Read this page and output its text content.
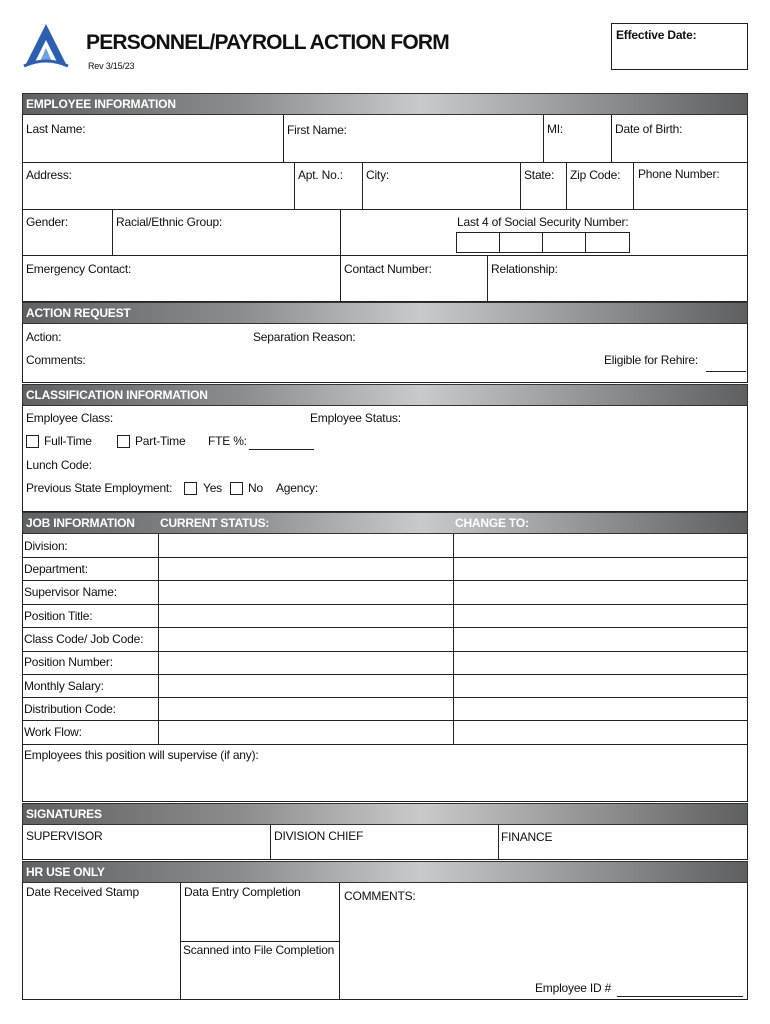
PERSONNEL/PAYROLL ACTION FORM
Rev 3/15/23
Effective Date:
EMPLOYEE INFORMATION
Last Name:	First Name:	MI:	Date of Birth:
Address:	Apt. No.: City:	State: Zip Code: Phone Number:
Gender:	Racial/Ethnic Group:	Last 4 of Social Security Number:
Emergency Contact:	Contact Number:	Relationship:
ACTION REQUEST
Action:	Separation Reason:
Comments:	Eligible for Rehire:
CLASSIFICATION INFORMATION
Employee Class:	Employee Status:
Full-Time	Part-Time FTE %:
Lunch Code:
Previous State Employment:	Yes No Agency:
JOB INFORMATION CURRENT STATUS:	CHANGE TO:
Division:
Department:
Supervisor Name:
Position Title:
Class Code/ Job Code:
Position Number:
Monthly Salary:
Distribution Code:
Work Flow:
Employees this position will supervise (if any):
SIGNATURES
SUPERVISOR	DIVISION CHIEF	FINANCE
HR USE ONLY
Date Received Stamp	Data Entry Completion	COMMENTS:
Scanned into File Completion
Employee ID #
